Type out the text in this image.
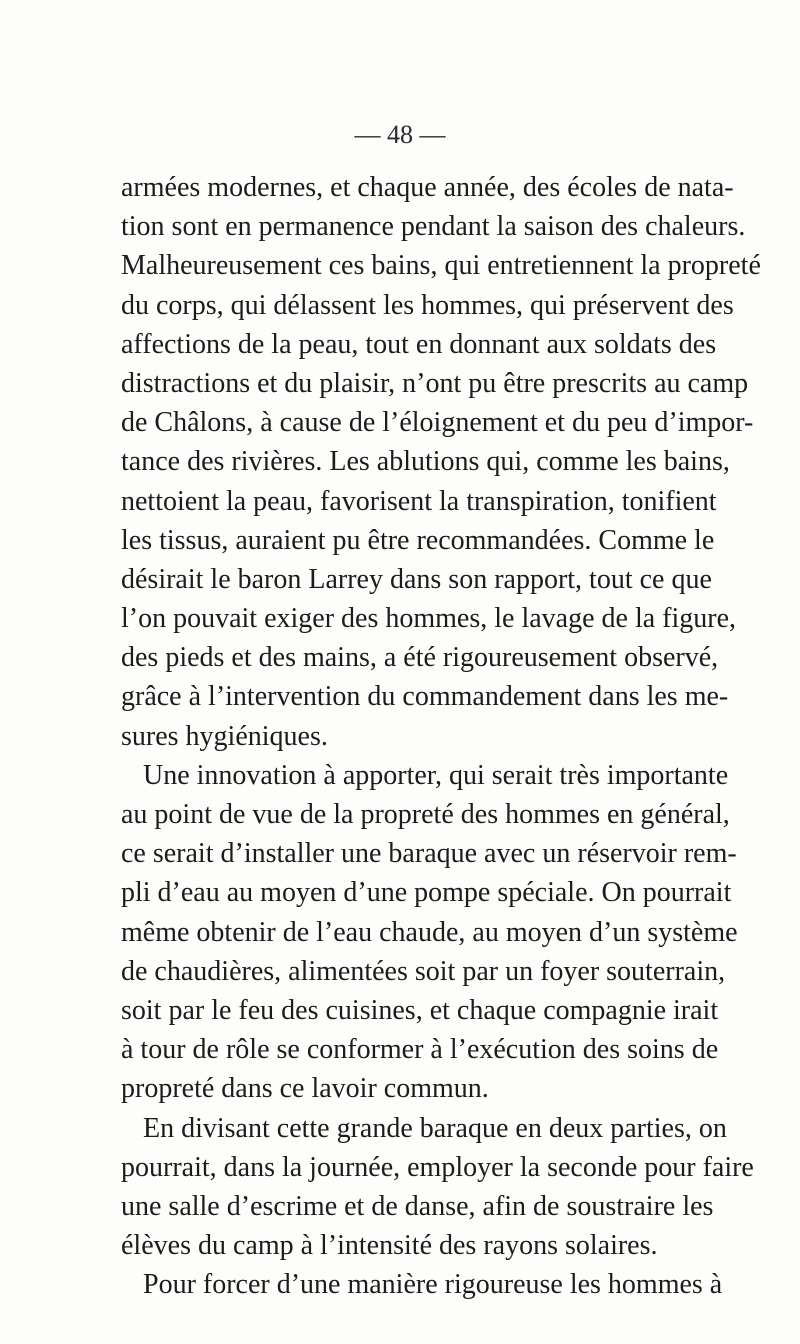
— 48 —
armées modernes, et chaque année, des écoles de nata-
tion sont en permanence pendant la saison des chaleurs.
Malheureusement ces bains, qui entretiennent la propreté
du corps, qui délassent les hommes, qui préservent des
affections de la peau, tout en donnant aux soldats des
distractions et du plaisir, n’ont pu être prescrits au camp
de Châlons, à cause de l’éloignement et du peu d’impor-
tance des rivières. Les ablutions qui, comme les bains,
nettoient la peau, favorisent la transpiration, tonifient
les tissus, auraient pu être recommandées. Comme le
désirait le baron Larrey dans son rapport, tout ce que
l’on pouvait exiger des hommes, le lavage de la figure,
des pieds et des mains, a été rigoureusement observé,
grâce à l’intervention du commandement dans les me-
sures hygiéniques.
Une innovation à apporter, qui serait très importante
au point de vue de la propreté des hommes en général,
ce serait d’installer une baraque avec un réservoir rem-
pli d’eau au moyen d’une pompe spéciale. On pourrait
même obtenir de l’eau chaude, au moyen d’un système
de chaudières, alimentées soit par un foyer souterrain,
soit par le feu des cuisines, et chaque compagnie irait
à tour de rôle se conformer à l’exécution des soins de
propreté dans ce lavoir commun.
En divisant cette grande baraque en deux parties, on
pourrait, dans la journée, employer la seconde pour faire
une salle d’escrime et de danse, afin de soustraire les
élèves du camp à l’intensité des rayons solaires.
Pour forcer d’une manière rigoureuse les hommes à
